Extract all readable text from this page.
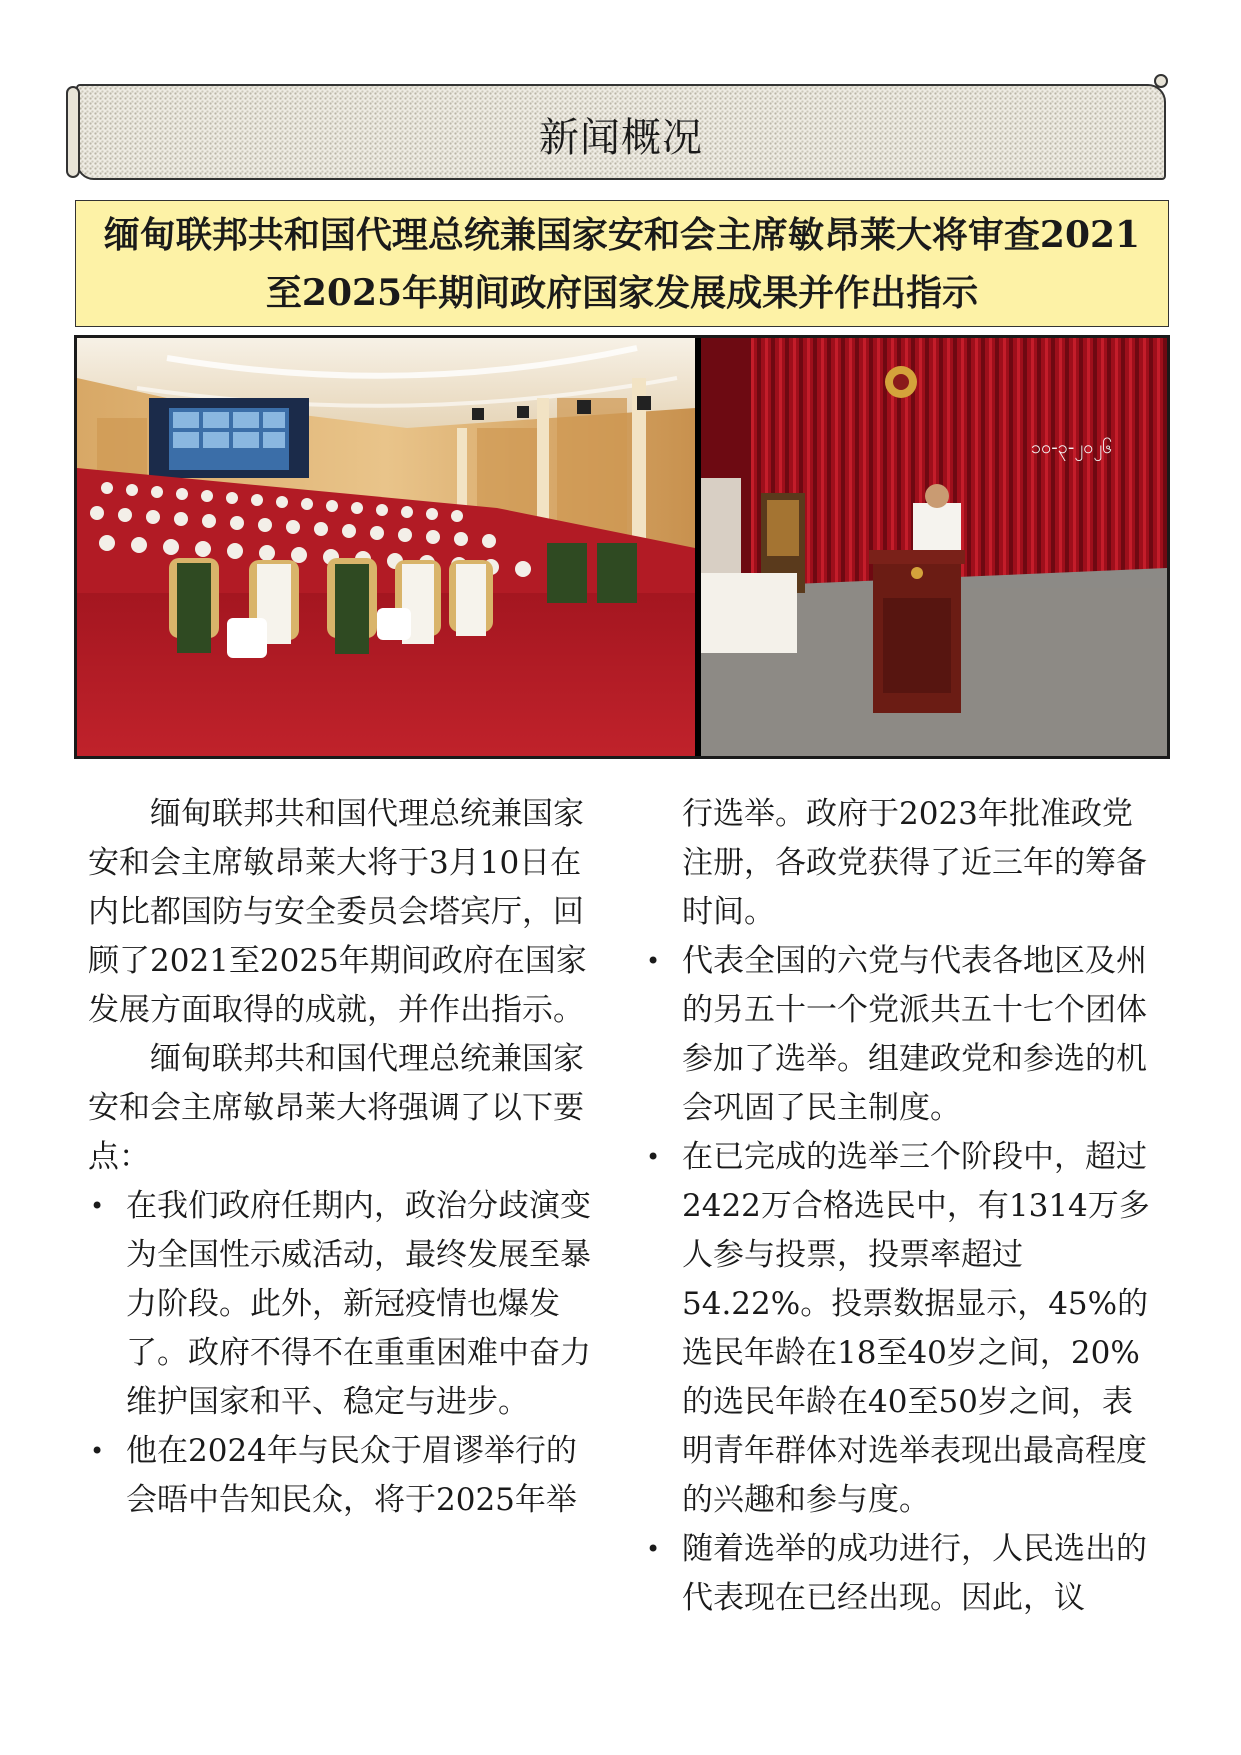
新闻概况
缅甸联邦共和国代理总统兼国家安和会主席敏昂莱大将审查2021至2025年期间政府国家发展成果并作出指示
၁၀-၃-၂၀၂၆

缅甸联邦共和国代理总统兼国家安和会主席敏昂莱大将于3月10日在内比都国防与安全委员会塔宾厅，回顾了2021至2025年期间政府在国家发展方面取得的成就，并作出指示。

缅甸联邦共和国代理总统兼国家安和会主席敏昂莱大将强调了以下要点：

• 在我们政府任期内，政治分歧演变为全国性示威活动，最终发展至暴力阶段。此外，新冠疫情也爆发了。政府不得不在重重困难中奋力维护国家和平、稳定与进步。

• 他在2024年与民众于眉谬举行的会晤中告知民众，将于2025年举

行选举。政府于2023年批准政党注册，各政党获得了近三年的筹备时间。

• 代表全国的六党与代表各地区及州的另五十一个党派共五十七个团体参加了选举。组建政党和参选的机会巩固了民主制度。

• 在已完成的选举三个阶段中，超过2422万合格选民中，有1314万多人参与投票，投票率超过54.22%。投票数据显示，45%的选民年龄在18至40岁之间，20%的选民年龄在40至50岁之间，表明青年群体对选举表现出最高程度的兴趣和参与度。

• 随着选举的成功进行，人民选出的代表现在已经出现。因此，议
